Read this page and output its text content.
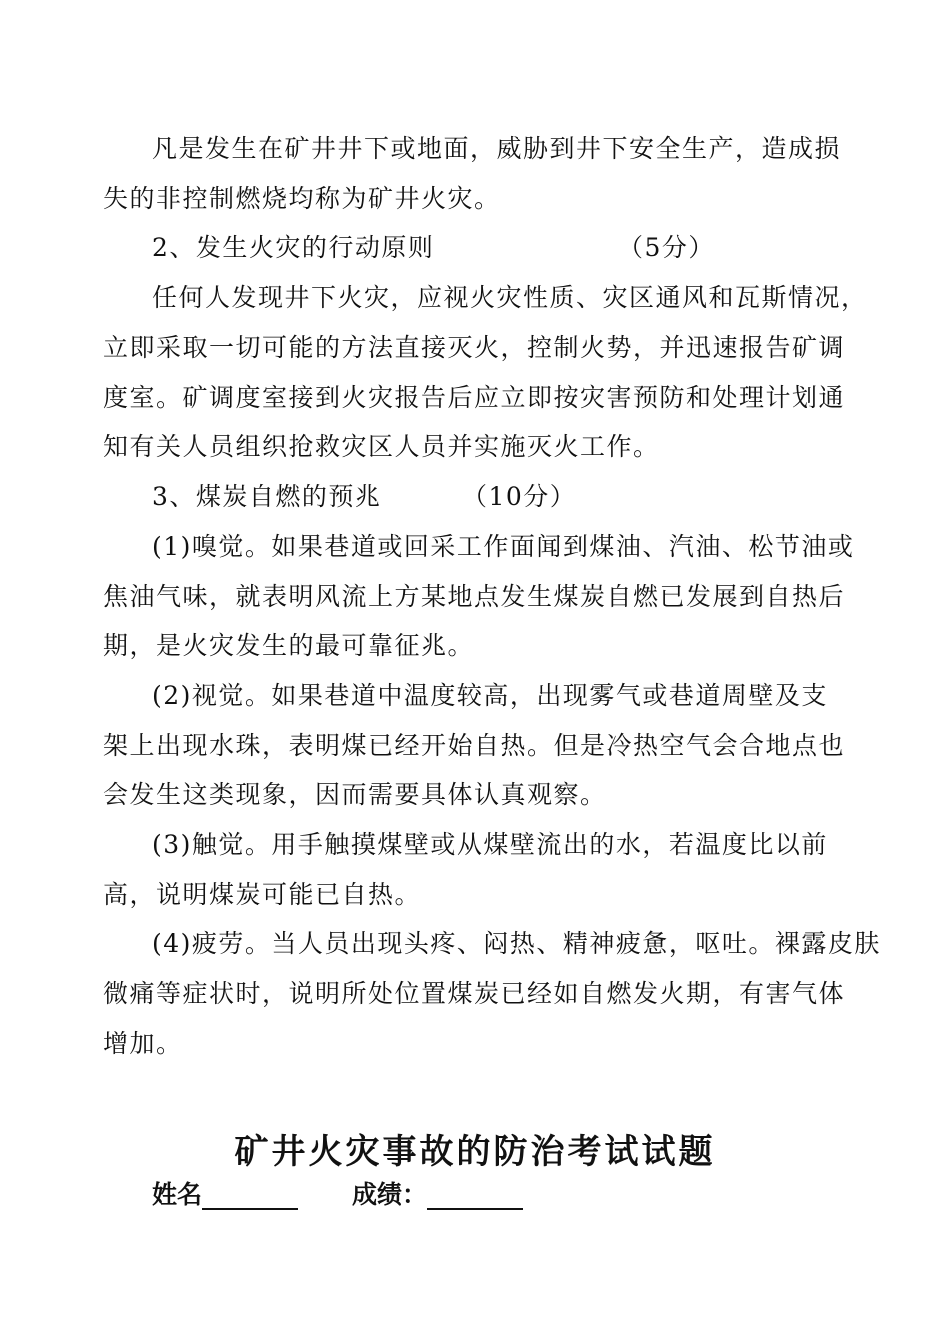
凡是发生在矿井井下或地面，威胁到井下安全生产，造成损
失的非控制燃烧均称为矿井火灾。
2、发生火灾的行动原则	（5分）
任何人发现井下火灾，应视火灾性质、灾区通风和瓦斯情况，
立即采取一切可能的方法直接灭火，控制火势，并迅速报告矿调
度室。矿调度室接到火灾报告后应立即按灾害预防和处理计划通
知有关人员组织抢救灾区人员并实施灭火工作。
3、煤炭自燃的预兆	（10分）
(1)嗅觉。如果巷道或回采工作面闻到煤油、汽油、松节油或
焦油气味，就表明风流上方某地点发生煤炭自燃已发展到自热后
期，是火灾发生的最可靠征兆。
(2)视觉。如果巷道中温度较高，出现雾气或巷道周壁及支
架上出现水珠，表明煤已经开始自热。但是冷热空气会合地点也
会发生这类现象，因而需要具体认真观察。
(3)触觉。用手触摸煤壁或从煤壁流出的水，若温度比以前
高，说明煤炭可能已自热。
(4)疲劳。当人员出现头疼、闷热、精神疲惫，呕吐。裸露皮肤
微痛等症状时，说明所处位置煤炭已经如自燃发火期，有害气体
增加。
矿井火灾事故的防治考试试题
姓名	成绩：
